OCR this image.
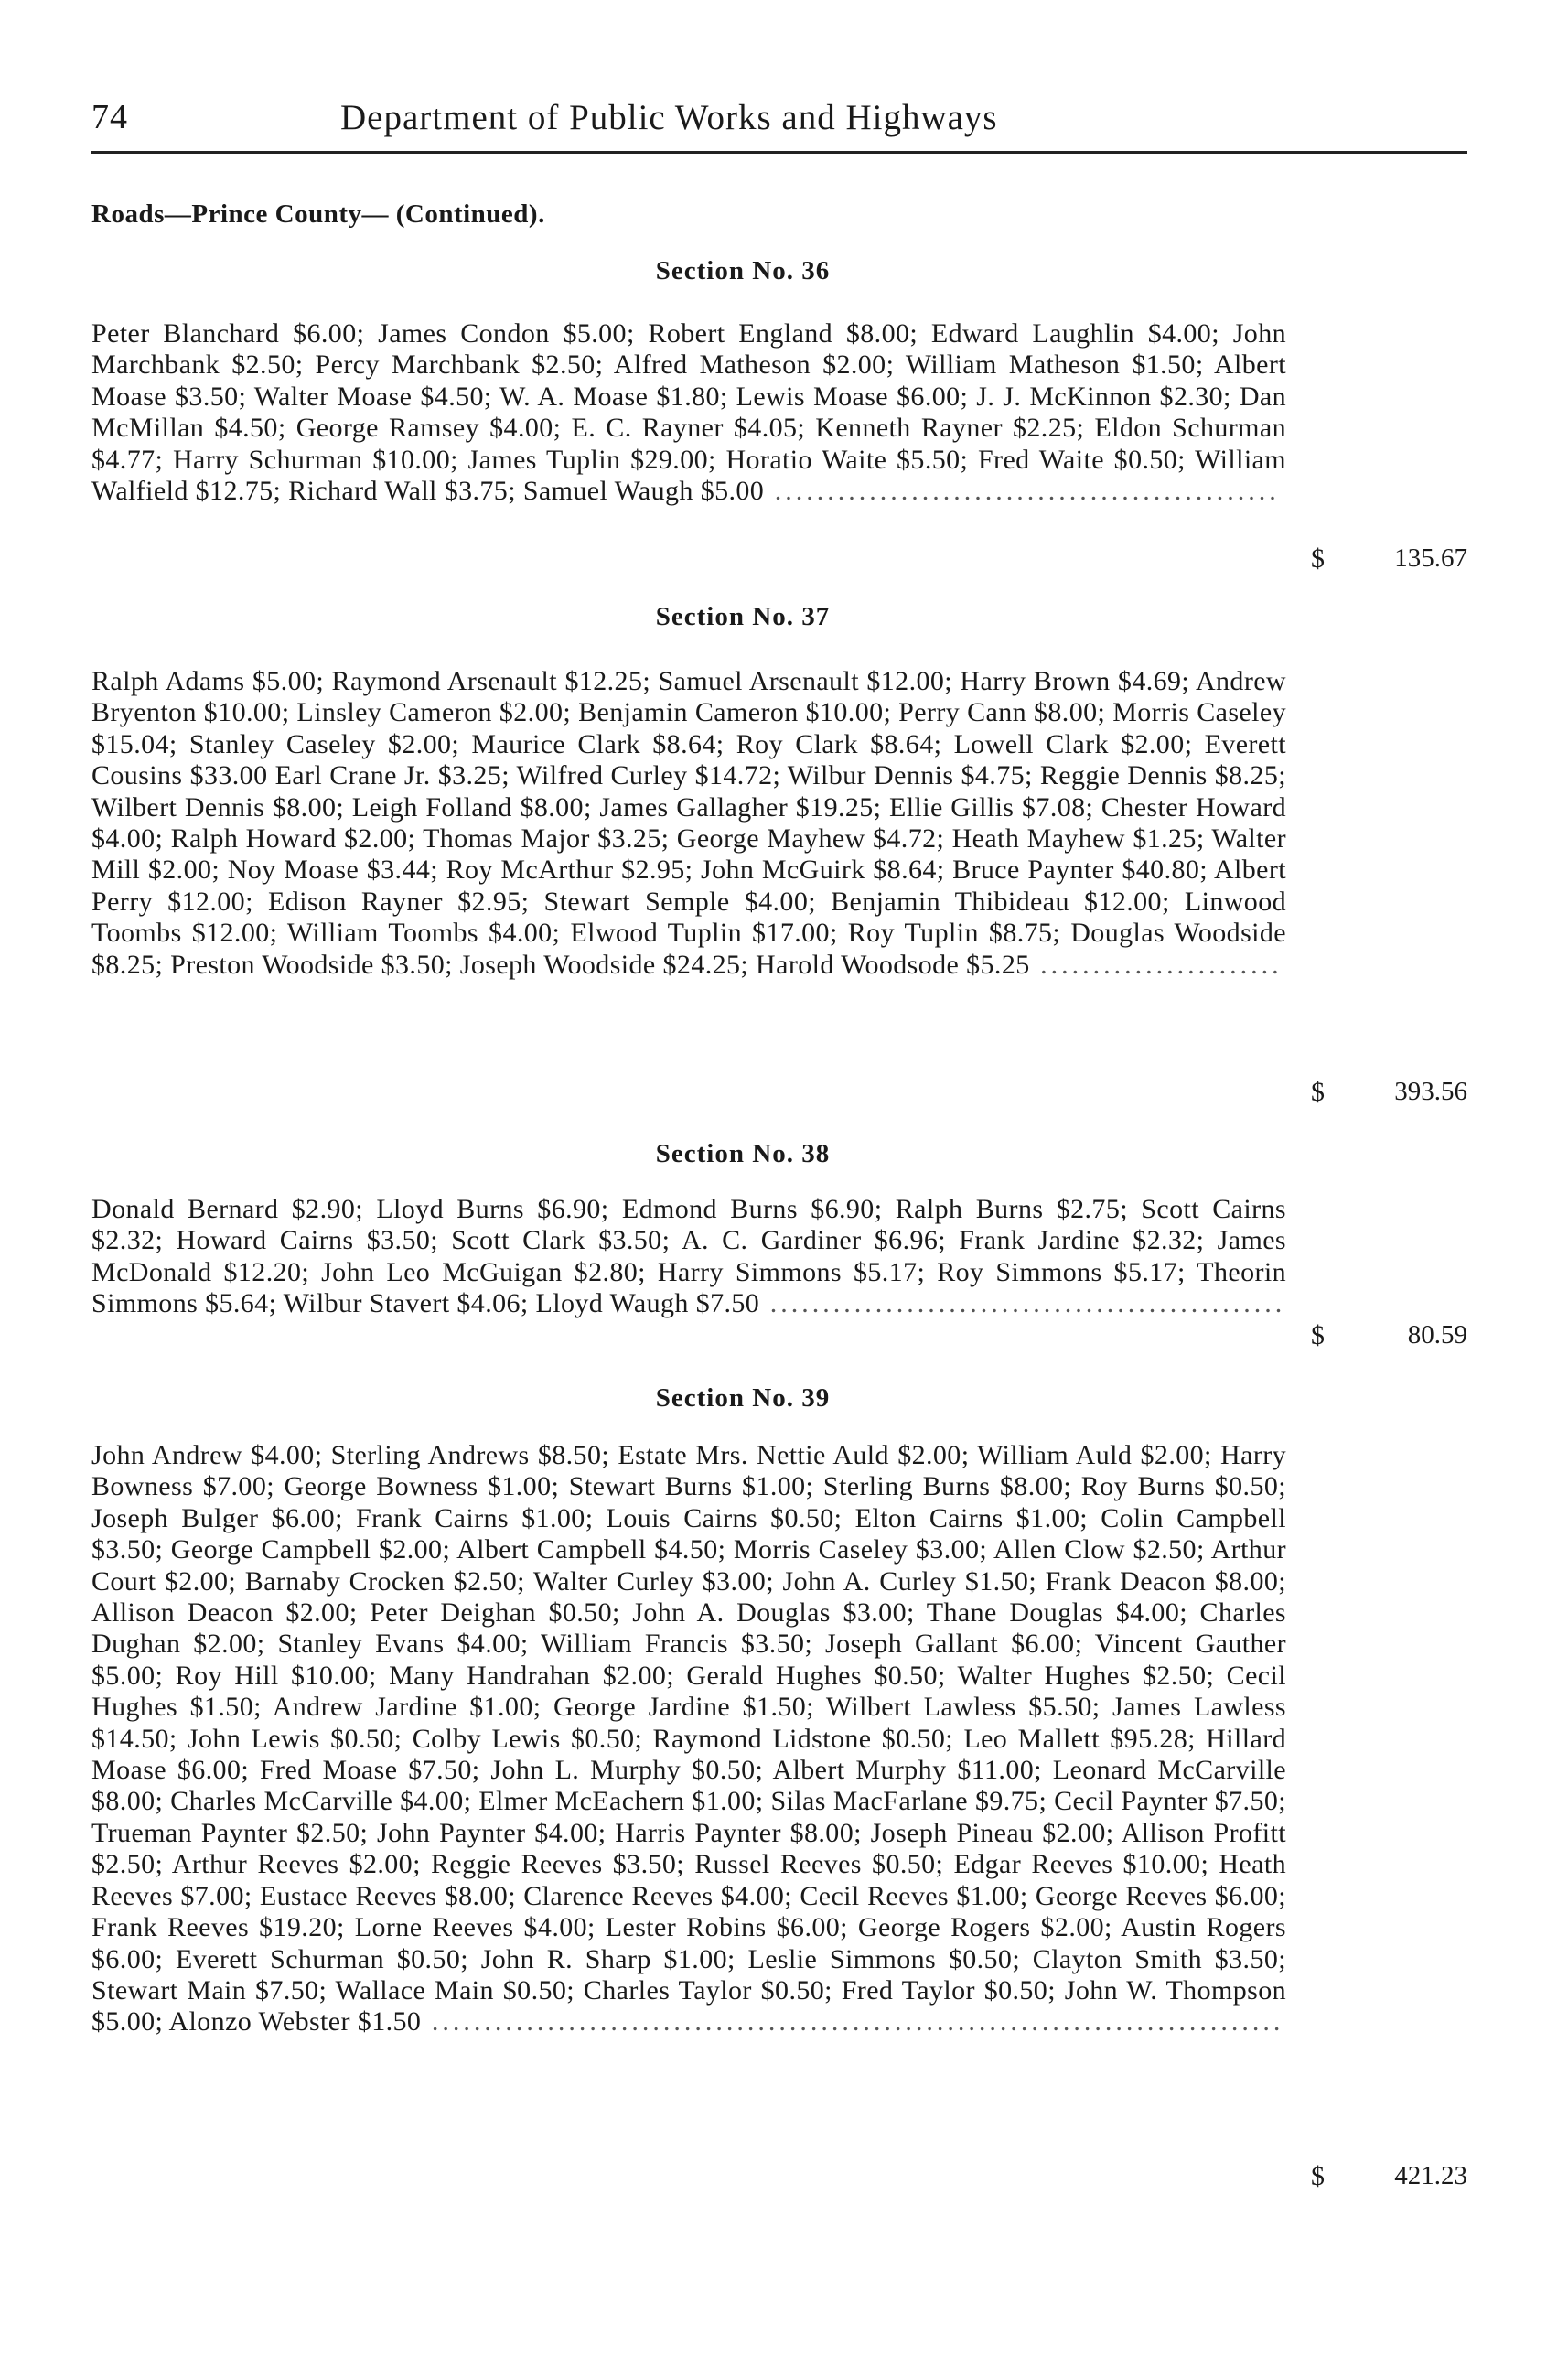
74	Department of Public Works and Highways
Roads—Prince County— (Continued).
Section No. 36
Peter Blanchard $6.00; James Condon $5.00; Robert England $8.00; Edward Laughlin $4.00; John Marchbank $2.50; Percy Marchbank $2.50; Alfred Matheson $2.00; William Matheson $1.50; Albert Moase $3.50; Walter Moase $4.50; W. A. Moase $1.80; Lewis Moase $6.00; J. J. McKinnon $2.30; Dan McMillan $4.50; George Ramsey $4.00; E. C. Rayner $4.05; Kenneth Rayner $2.25; Eldon Schurman $4.77; Harry Schurman $10.00; James Tuplin $29.00; Horatio Waite $5.50; Fred Waite $0.50; William Walfield $12.75; Richard Wall $3.75; Samuel Waugh $5.00 ................................................
$	135.67
Section No. 37
Ralph Adams $5.00; Raymond Arsenault $12.25; Samuel Arsenault $12.00; Harry Brown $4.69; Andrew Bryenton $10.00; Linsley Cameron $2.00; Benjamin Cameron $10.00; Perry Cann $8.00; Morris Caseley $15.04; Stanley Caseley $2.00; Maurice Clark $8.64; Roy Clark $8.64; Lowell Clark $2.00; Everett Cousins $33.00 Earl Crane Jr. $3.25; Wilfred Curley $14.72; Wilbur Dennis $4.75; Reggie Dennis $8.25; Wilbert Dennis $8.00; Leigh Folland $8.00; James Gallagher $19.25; Ellie Gillis $7.08; Chester Howard $4.00; Ralph Howard $2.00; Thomas Major $3.25; George Mayhew $4.72; Heath Mayhew $1.25; Walter Mill $2.00; Noy Moase $3.44; Roy McArthur $2.95; John McGuirk $8.64; Bruce Paynter $40.80; Albert Perry $12.00; Edison Rayner $2.95; Stewart Semple $4.00; Benjamin Thibideau $12.00; Linwood Toombs $12.00; William Toombs $4.00; Elwood Tuplin $17.00; Roy Tuplin $8.75; Douglas Woodside $8.25; Preston Woodside $3.50; Joseph Woodside $24.25; Harold Woodsode $5.25 .......................
$	393.56
Section No. 38
Donald Bernard $2.90; Lloyd Burns $6.90; Edmond Burns $6.90; Ralph Burns $2.75; Scott Cairns $2.32; Howard Cairns $3.50; Scott Clark $3.50; A. C. Gardiner $6.96; Frank Jardine $2.32; James McDonald $12.20; John Leo McGuigan $2.80; Harry Simmons $5.17; Roy Simmons $5.17; Theorin Simmons $5.64; Wilbur Stavert $4.06; Lloyd Waugh $7.50 .................................................
$	80.59
Section No. 39
John Andrew $4.00; Sterling Andrews $8.50; Estate Mrs. Nettie Auld $2.00; William Auld $2.00; Harry Bowness $7.00; George Bowness $1.00; Stewart Burns $1.00; Sterling Burns $8.00; Roy Burns $0.50; Joseph Bulger $6.00; Frank Cairns $1.00; Louis Cairns $0.50; Elton Cairns $1.00; Colin Campbell $3.50; George Campbell $2.00; Albert Campbell $4.50; Morris Caseley $3.00; Allen Clow $2.50; Arthur Court $2.00; Barnaby Crocken $2.50; Walter Curley $3.00; John A. Curley $1.50; Frank Deacon $8.00; Allison Deacon $2.00; Peter Deighan $0.50; John A. Douglas $3.00; Thane Douglas $4.00; Charles Dughan $2.00; Stanley Evans $4.00; William Francis $3.50; Joseph Gallant $6.00; Vincent Gauther $5.00; Roy Hill $10.00; Many Handrahan $2.00; Gerald Hughes $0.50; Walter Hughes $2.50; Cecil Hughes $1.50; Andrew Jardine $1.00; George Jardine $1.50; Wilbert Lawless $5.50; James Lawless $14.50; John Lewis $0.50; Colby Lewis $0.50; Raymond Lidstone $0.50; Leo Mallett $95.28; Hillard Moase $6.00; Fred Moase $7.50; John L. Murphy $0.50; Albert Murphy $11.00; Leonard McCarville $8.00; Charles McCarville $4.00; Elmer McEachern $1.00; Silas MacFarlane $9.75; Cecil Paynter $7.50; Trueman Paynter $2.50; John Paynter $4.00; Harris Paynter $8.00; Joseph Pineau $2.00; Allison Profitt $2.50; Arthur Reeves $2.00; Reggie Reeves $3.50; Russel Reeves $0.50; Edgar Reeves $10.00; Heath Reeves $7.00; Eustace Reeves $8.00; Clarence Reeves $4.00; Cecil Reeves $1.00; George Reeves $6.00; Frank Reeves $19.20; Lorne Reeves $4.00; Lester Robins $6.00; George Rogers $2.00; Austin Rogers $6.00; Everett Schurman $0.50; John R. Sharp $1.00; Leslie Simmons $0.50; Clayton Smith $3.50; Stewart Main $7.50; Wallace Main $0.50; Charles Taylor $0.50; Fred Taylor $0.50; John W. Thompson $5.00; Alonzo Webster $1.50 .................................................................................
$	421.23
